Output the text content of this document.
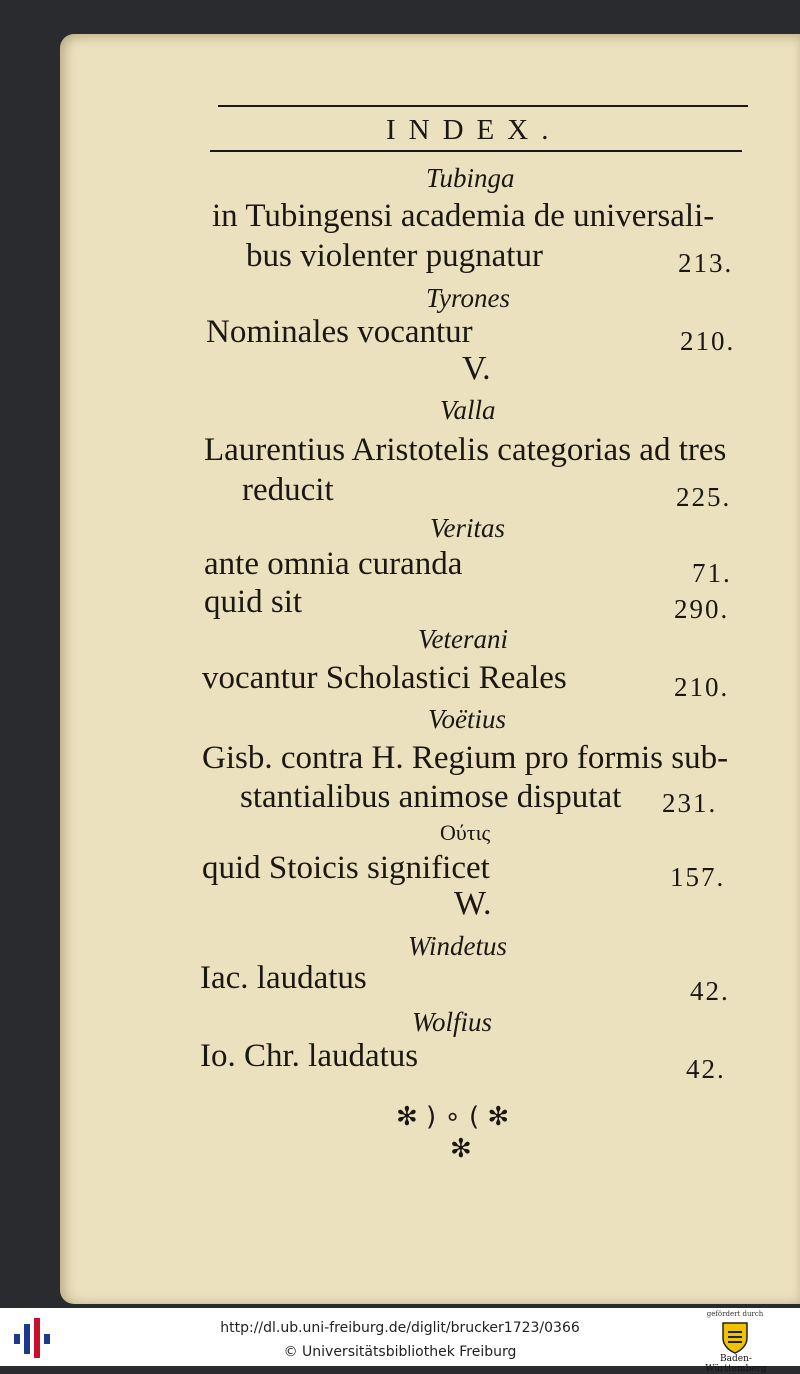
INDEX.
Tubinga
in Tubingensi academia de universali-
bus violenter pugnatur	213.
Tyrones
Nominales vocantur	210.
V.
Valla
Laurentius Aristotelis categorias ad tres
reducit	225.
Veritas
ante omnia curanda	71.
quid sit	290.
Veterani
vocantur Scholastici Reales	210.
Voëtius
Gisb. contra H. Regium pro formis sub-
stantialibus animose disputat 231.
Ούτις
quid Stoicis significet	157.
W.
Windetus
Iac. laudatus	42.
Wolfius
Io. Chr. laudatus	42.
✻ ) ∘ ( ✻
✻
http://dl.ub.uni-freiburg.de/diglit/brucker1723/0366
© Universitätsbibliothek Freiburg
gefördert durch
Baden-Württemberg
